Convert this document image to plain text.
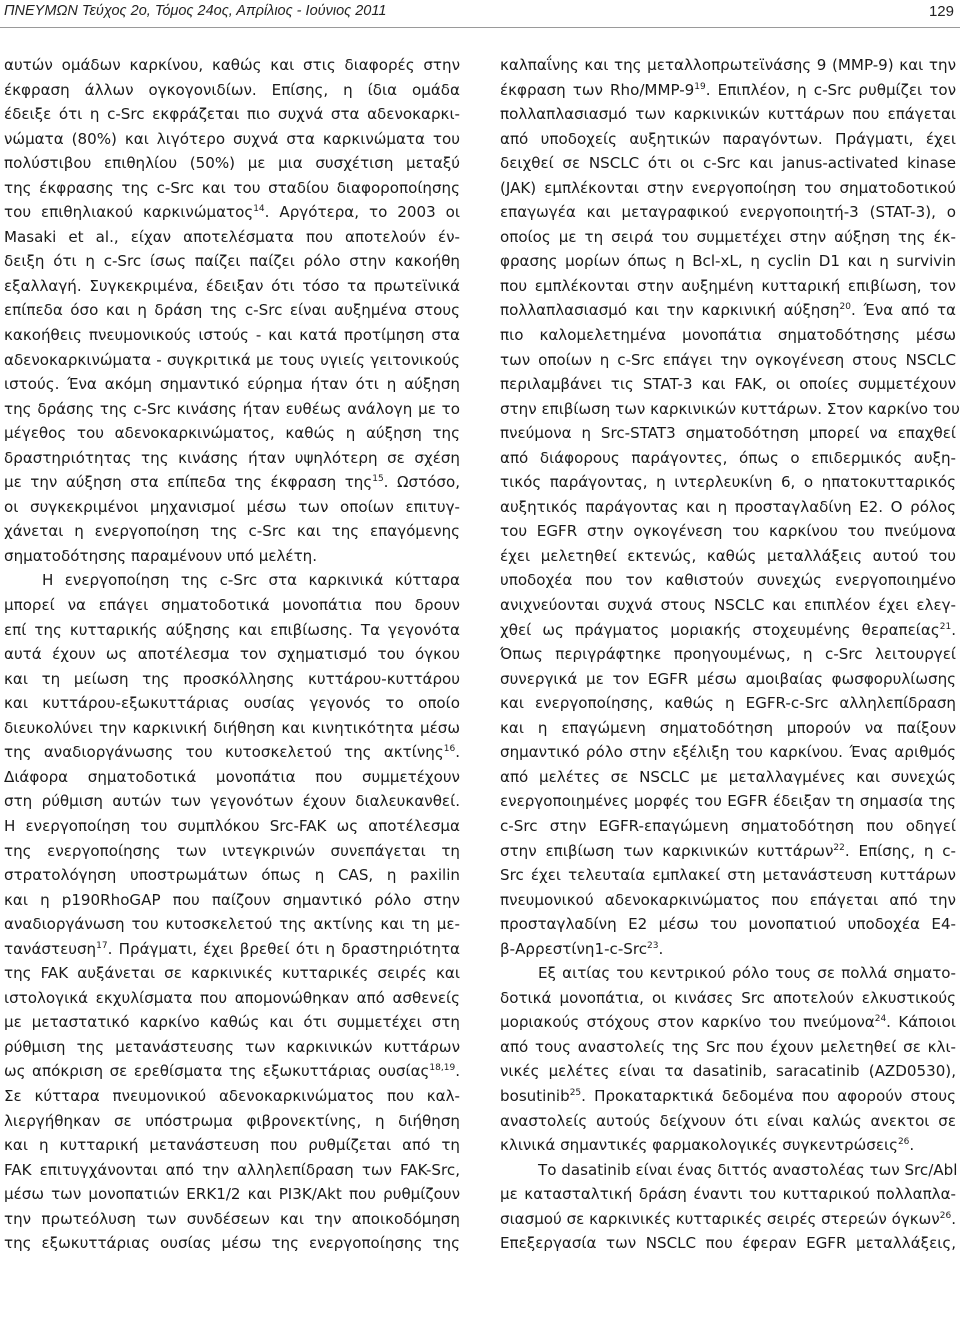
ΠΝΕΥΜΩΝ Τεύχος 2ο, Τόμος 24ος, Απρίλιος - Ιούνιος 2011	129
αυτών ομάδων καρκίνου, καθώς και στις διαφορές στην
έκφραση άλλων ογκογονιδίων. Επίσης, η ίδια ομάδα
έδειξε ότι η c-Src εκφράζεται πιο συχνά στα αδενοκαρκι-
νώματα (80%) και λιγότερο συχνά στα καρκινώματα του
πολύστιβου επιθηλίου (50%) με μια συσχέτιση μεταξύ
της έκφρασης της c-Src και του σταδίου διαφοροποίησης
του επιθηλιακού καρκινώματος$^{14}$. Αργότερα, το 2003 οι
Masaki et al., είχαν αποτελέσματα που αποτελούν έν-
δειξη ότι η c-Src ίσως παίζει παίζει ρόλο στην κακοήθη
εξαλλαγή. Συγκεκριμένα, έδειξαν ότι τόσο τα πρωτεϊνικά
επίπεδα όσο και η δράση της c-Src είναι αυξημένα στους
κακοήθεις πνευμονικούς ιστούς - και κατά προτίμηση στα
αδενοκαρκινώματα - συγκριτικά με τους υγιείς γειτονικούς
ιστούς. Ένα ακόμη σημαντικό εύρημα ήταν ότι η αύξηση
της δράσης της c-Src κινάσης ήταν ευθέως ανάλογη με το
μέγεθος του αδενοκαρκινώματος, καθώς η αύξηση της
δραστηριότητας της κινάσης ήταν υψηλότερη σε σχέση
με την αύξηση στα επίπεδα της έκφραση της$^{15}$. Ωστόσο,
οι συγκεκριμένοι μηχανισμοί μέσω των οποίων επιτυγ-
χάνεται η ενεργοποίηση της c-Src και της επαγόμενης
σηματοδότησης παραμένουν υπό μελέτη.
Η ενεργοποίηση της c-Src στα καρκινικά κύτταρα
μπορεί να επάγει σηματοδοτικά μονοπάτια που δρουν
επί της κυτταρικής αύξησης και επιβίωσης. Τα γεγονότα
αυτά έχουν ως αποτέλεσμα τον σχηματισμό του όγκου
και τη μείωση της προσκόλλησης κυττάρου-κυττάρου
και κυττάρου-εξωκυττάριας ουσίας γεγονός το οποίο
διευκολύνει την καρκινική διήθηση και κινητικότητα μέσω
της αναδιοργάνωσης του κυτοσκελετού της ακτίνης$^{16}$.
Διάφορα σηματοδοτικά μονοπάτια που συμμετέχουν
στη ρύθμιση αυτών των γεγονότων έχουν διαλευκανθεί.
Η ενεργοποίηση του συμπλόκου Src-FAK ως αποτέλεσμα
της ενεργοποίησης των ιντεγκρινών συνεπάγεται τη
στρατολόγηση υποστρωμάτων όπως η CAS, η paxilin
και η p190RhoGAP που παίζουν σημαντικό ρόλο στην
αναδιοργάνωση του κυτοσκελετού της ακτίνης και τη με-
τανάστευση$^{17}$. Πράγματι, έχει βρεθεί ότι η δραστηριότητα
της FAK αυξάνεται σε καρκινικές κυτταρικές σειρές και
ιστολογικά εκχυλίσματα που απομονώθηκαν από ασθενείς
με μεταστατικό καρκίνο καθώς και ότι συμμετέχει στη
ρύθμιση της μετανάστευσης των καρκινικών κυττάρων
ως απόκριση σε ερεθίσματα της εξωκυττάριας ουσίας$^{18,19}$.
Σε κύτταρα πνευμονικού αδενοκαρκινώματος που καλ-
λιεργήθηκαν σε υπόστρωμα φιβρονεκτίνης, η διήθηση
και η κυτταρική μετανάστευση που ρυθμίζεται από τη
FAK επιτυγχάνονται από την αλληλεπίδραση των FAK-Src,
μέσω των μονοπατιών ERK1/2 και PI3K/Akt που ρυθμίζουν
την πρωτεόλυση των συνδέσεων και την αποικοδόμηση
της εξωκυττάριας ουσίας μέσω της ενεργοποίησης της
καλπαΐνης και της μεταλλοπρωτεϊνάσης 9 (MMP-9) και την
έκφραση των Rho/$MMP-9^{19}$. Επιπλέον, η c-Src ρυθμίζει τον
πολλαπλασιασμό των καρκινικών κυττάρων που επάγεται
από υποδοχείς αυξητικών παραγόντων. Πράγματι, έχει
δειχθεί σε NSCLC ότι οι c-Src και janus-activated kinase
(JAK) εμπλέκονται στην ενεργοποίηση του σηματοδοτικού
επαγωγέα και μεταγραφικού ενεργοποιητή-3 (STAT-3), ο
οποίος με τη σειρά του συμμετέχει στην αύξηση της έκ-
φρασης μορίων όπως η Bcl-xL, η cyclin D1 και η survivin
που εμπλέκονται στην αυξημένη κυτταρική επιβίωση, τον
πολλαπλασιασμό και την καρκινική αύξηση$^{20}$. Ένα από τα
πιο καλομελετημένα μονοπάτια σηματοδότησης μέσω
των οποίων η c-Src επάγει την ογκογένεση στους NSCLC
περιλαμβάνει τις STAT-3 και FAK, οι οποίες συμμετέχουν
στην επιβίωση των καρκινικών κυττάρων. Στον καρκίνο του
πνεύμονα η Src-STAT3 σηματοδότηση μπορεί να επαχθεί
από διάφορους παράγοντες, όπως ο επιδερμικός αυξη-
τικός παράγοντας, η ιντερλευκίνη 6, ο ηπατοκυτταρικός
αυξητικός παράγοντας και η προσταγλαδίνη Ε2. Ο ρόλος
του EGFR στην ογκογένεση του καρκίνου του πνεύμονα
έχει μελετηθεί εκτενώς, καθώς μεταλλάξεις αυτού του
υποδοχέα που τον καθιστούν συνεχώς ενεργοποιημένο
ανιχνεύονται συχνά στους NSCLC και επιπλέον έχει ελεγ-
χθεί ως πράγματος μοριακής στοχευμένης θεραπείας$^{21}$.
Όπως περιγράφτηκε προηγουμένως, η c-Src λειτουργεί
συνεργικά με τον EGFR μέσω αμοιβαίας φωσφορυλίωσης
και ενεργοποίησης, καθώς η EGFR-c-Src αλληλεπίδραση
και η επαγώμενη σηματοδότηση μπορούν να παίξουν
σημαντικό ρόλο στην εξέλιξη του καρκίνου. Ένας αριθμός
από μελέτες σε NSCLC με μεταλλαγμένες και συνεχώς
ενεργοποιημένες μορφές του EGFR έδειξαν τη σημασία της
c-Src στην EGFR-επαγώμενη σηματοδότηση που οδηγεί
στην επιβίωση των καρκινικών κυττάρων$^{22}$. Επίσης, η c-
Src έχει τελευταία εμπλακεί στη μετανάστευση κυττάρων
πνευμονικού αδενοκαρκινώματος που επάγεται από την
προσταγλαδίνη Ε2 μέσω του μονοπατιού υποδοχέα Ε4-
β-Αρρεστίνη1-c-Src$^{23}$.
Εξ αιτίας του κεντρικού ρόλο τους σε πολλά σηματο-
δοτικά μονοπάτια, οι κινάσες Src αποτελούν ελκυστικούς
μοριακούς στόχους στον καρκίνο του πνεύμονα$^{24}$. Κάποιοι
από τους αναστολείς της Src που έχουν μελετηθεί σε κλι-
νικές μελέτες είναι τα dasatinib, saracatinib (AZD0530),
bosutinib$^{25}$. Προκαταρκτικά δεδομένα που αφορούν στους
αναστολείς αυτούς δείχνουν ότι είναι καλώς ανεκτοι σε
κλινικά σημαντικές φαρμακολογικές συγκεντρώσεις$^{26}$.
Το dasatinib είναι ένας διττός αναστολέας των Src/Abl
με κατασταλτική δράση έναντι του κυτταρικού πολλαπλα-
σιασμού σε καρκινικές κυτταρικές σειρές στερεών όγκων$^{26}$.
Επεξεργασία των NSCLC που έφεραν EGFR μεταλλάξεις,
